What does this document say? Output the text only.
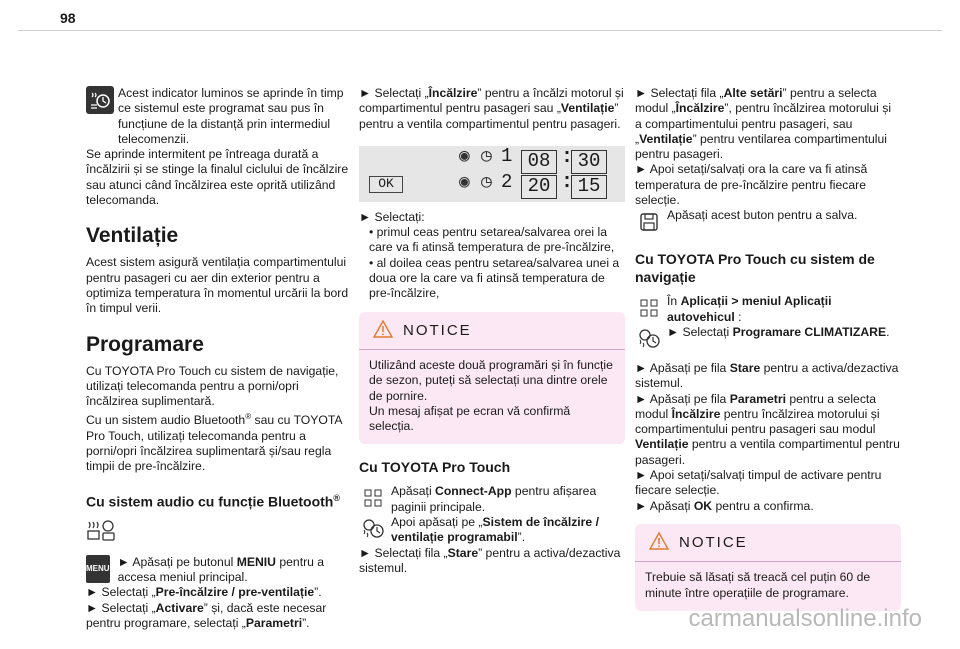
98
Acest indicator luminos se aprinde în timp ce sistemul este programat sau pus în funcțiune de la distanță prin intermediul telecomenzii.

Se aprinde intermitent pe întreaga durată a încălzirii și se stinge la finalul ciclului de încălzire sau atunci când încălzirea este oprită utilizând telecomanda.

Ventilație

Acest sistem asigură ventilația compartimentului pentru pasageri cu aer din exterior pentru a optimiza temperatura în momentul urcării la bord în timpul verii.

Programare

Cu TOYOTA Pro Touch cu sistem de navigație, utilizați telecomanda pentru a porni/opri încălzirea suplimentară.

Cu un sistem audio Bluetooth® sau cu TOYOTA Pro Touch, utilizați telecomanda pentru a porni/opri încălzirea suplimentară și/sau regla timpii de pre-încălzire.

Cu sistem audio cu funcție Bluetooth®
MENU ► Apăsați pe butonul MENIU pentru a accesa meniul principal.

► Selectați „Pre-încălzire / pre-ventilație”.

► Selectați „Activare” și, dacă este necesar pentru programare, selectați „Parametri”.

► Selectați „Încălzire” pentru a încălzi motorul și compartimentul pentru pasageri sau „Ventilație” pentru a ventila compartimentul pentru pasageri.

OK
◉ ◷ 1 08 : 30
◉ ◷ 2 20 : 15

► Selectați:

• primul ceas pentru setarea/salvarea orei la care va fi atinsă temperatura de pre-încălzire,

• al doilea ceas pentru setarea/salvarea unei a doua ore la care va fi atinsă temperatura de pre-încălzire,

NOTICE

Utilizând aceste două programări și în funcție de sezon, puteți să selectați una dintre orele de pornire.

Un mesaj afișat pe ecran vă confirmă selecția.

Cu TOYOTA Pro Touch
Apăsați Connect-App pentru afișarea paginii principale.
Apoi apăsați pe „Sistem de încălzire / ventilație programabil”.

► Selectați fila „Stare” pentru a activa/dezactiva sistemul.

► Selectați fila „Alte setări” pentru a selecta modul „Încălzire”, pentru încălzirea motorului și a compartimentului pentru pasageri, sau „Ventilație” pentru ventilarea compartimentului pentru pasageri.

► Apoi setați/salvați ora la care va fi atinsă temperatura de pre-încălzire pentru fiecare selecție.

Apăsați acest buton pentru a salva.
Cu TOYOTA Pro Touch cu sistem de navigație
În Aplicații > meniul Aplicații autovehicul :
► Selectați Programare CLIMATIZARE.

► Apăsați pe fila Stare pentru a activa/dezactiva sistemul.

► Apăsați pe fila Parametri pentru a selecta modul Încălzire pentru încălzirea motorului și compartimentului pentru pasageri sau modul Ventilație pentru a ventila compartimentul pentru pasageri.

► Apoi setați/salvați timpul de activare pentru fiecare selecție.

► Apăsați OK pentru a confirma.

NOTICE

Trebuie să lăsați să treacă cel puțin 60 de minute între operațiile de programare.

carmanualsonline.info
